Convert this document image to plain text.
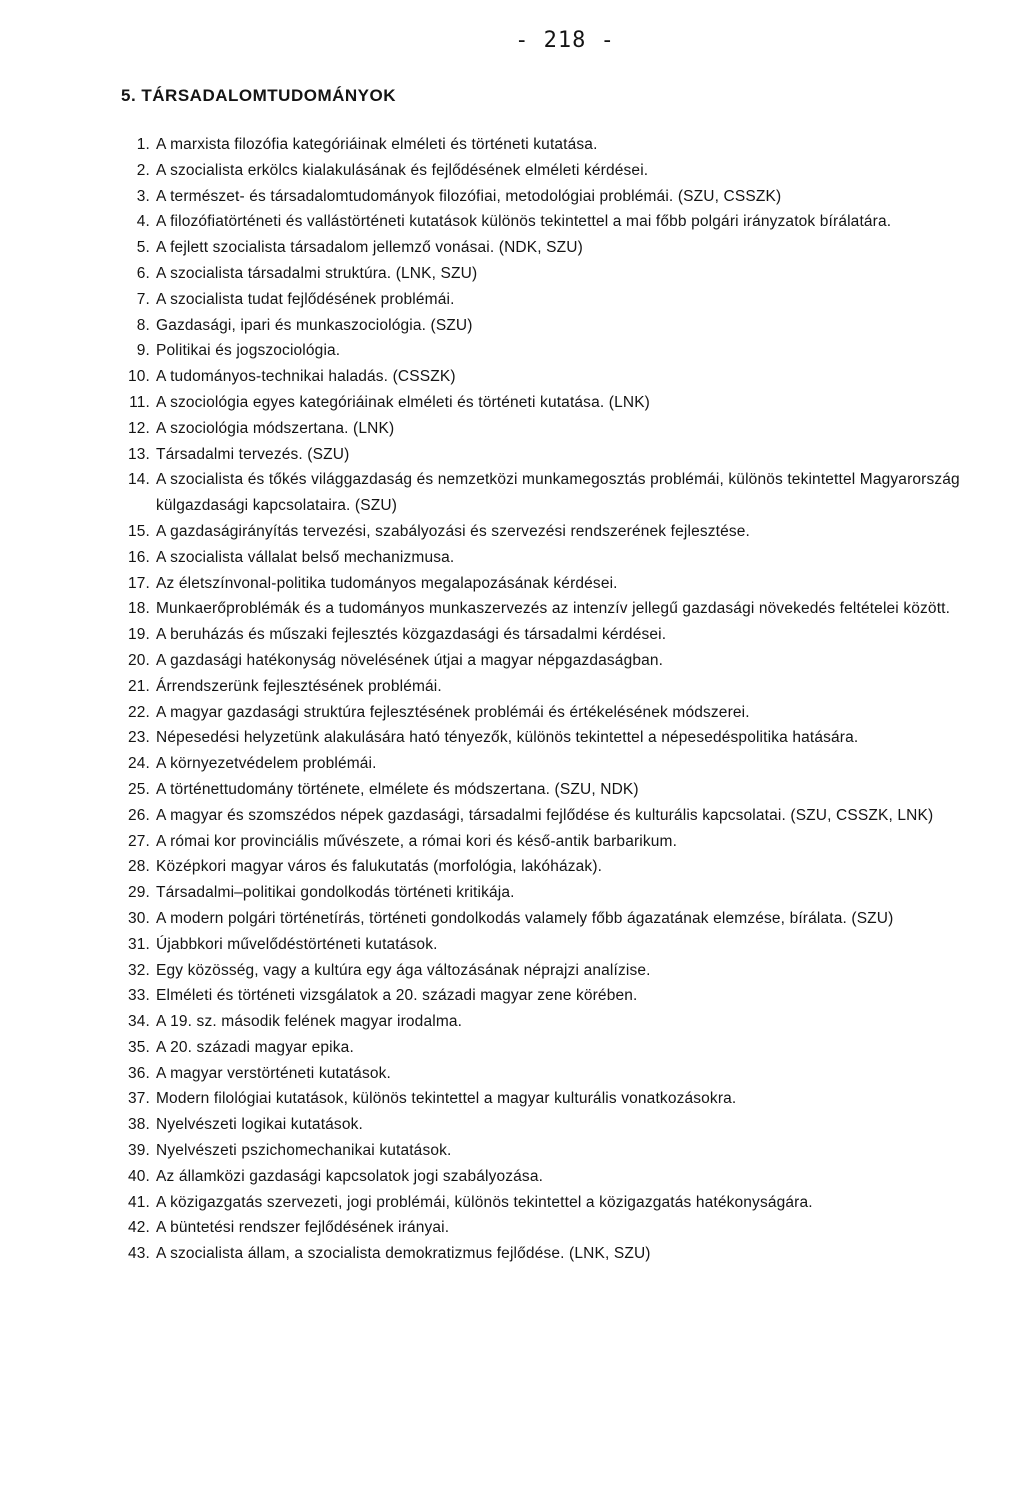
- 218 -
5. TÁRSADALOMTUDOMÁNYOK
1. A marxista filozófia kategóriáinak elméleti és történeti kutatása.
2. A szocialista erkölcs kialakulásának és fejlődésének elméleti kérdései.
3. A természet- és társadalomtudományok filozófiai, metodológiai problémái. (SZU, CSSZK)
4. A filozófiatörténeti és vallástörténeti kutatások különös tekintettel a mai főbb polgári irányzatok bírálatára.
5. A fejlett szocialista társadalom jellemző vonásai. (NDK, SZU)
6. A szocialista társadalmi struktúra. (LNK, SZU)
7. A szocialista tudat fejlődésének problémái.
8. Gazdasági, ipari és munkaszociológia. (SZU)
9. Politikai és jogszociológia.
10. A tudományos-technikai haladás. (CSSZK)
11. A szociológia egyes kategóriáinak elméleti és történeti kutatása. (LNK)
12. A szociológia módszertana. (LNK)
13. Társadalmi tervezés. (SZU)
14. A szocialista és tőkés világgazdaság és nemzetközi munkamegosztás problémái, különös tekintettel Magyarország külgazdasági kapcsolataira. (SZU)
15. A gazdaságirányítás tervezési, szabályozási és szervezési rendszerének fejlesztése.
16. A szocialista vállalat belső mechanizmusa.
17. Az életszínvonal-politika tudományos megalapozásának kérdései.
18. Munkaerőproblémák és a tudományos munkaszervezés az intenzív jellegű gazdasági növekedés feltételei között.
19. A beruházás és műszaki fejlesztés közgazdasági és társadalmi kérdései.
20. A gazdasági hatékonyság növelésének útjai a magyar népgazdaságban.
21. Árrendszerünk fejlesztésének problémái.
22. A magyar gazdasági struktúra fejlesztésének problémái és értékelésének módszerei.
23. Népesedési helyzetünk alakulására ható tényezők, különös tekintettel a népesedéspolitika hatására.
24. A környezetvédelem problémái.
25. A történettudomány története, elmélete és módszertana. (SZU, NDK)
26. A magyar és szomszédos népek gazdasági, társadalmi fejlődése és kulturális kapcsolatai. (SZU, CSSZK, LNK)
27. A római kor provinciális művészete, a római kori és késő-antik barbarikum.
28. Középkori magyar város és falukutatás (morfológia, lakóházak).
29. Társadalmi–politikai gondolkodás történeti kritikája.
30. A modern polgári történetírás, történeti gondolkodás valamely főbb ágazatának elemzése, bírálata. (SZU)
31. Újabbkori művelődéstörténeti kutatások.
32. Egy közösség, vagy a kultúra egy ága változásának néprajzi analízise.
33. Elméleti és történeti vizsgálatok a 20. századi magyar zene körében.
34. A 19. sz. második felének magyar irodalma.
35. A 20. századi magyar epika.
36. A magyar verstörténeti kutatások.
37. Modern filológiai kutatások, különös tekintettel a magyar kulturális vonatkozásokra.
38. Nyelvészeti logikai kutatások.
39. Nyelvészeti pszichomechanikai kutatások.
40. Az államközi gazdasági kapcsolatok jogi szabályozása.
41. A közigazgatás szervezeti, jogi problémái, különös tekintettel a közigazgatás hatékonyságára.
42. A büntetési rendszer fejlődésének irányai.
43. A szocialista állam, a szocialista demokratizmus fejlődése. (LNK, SZU)
